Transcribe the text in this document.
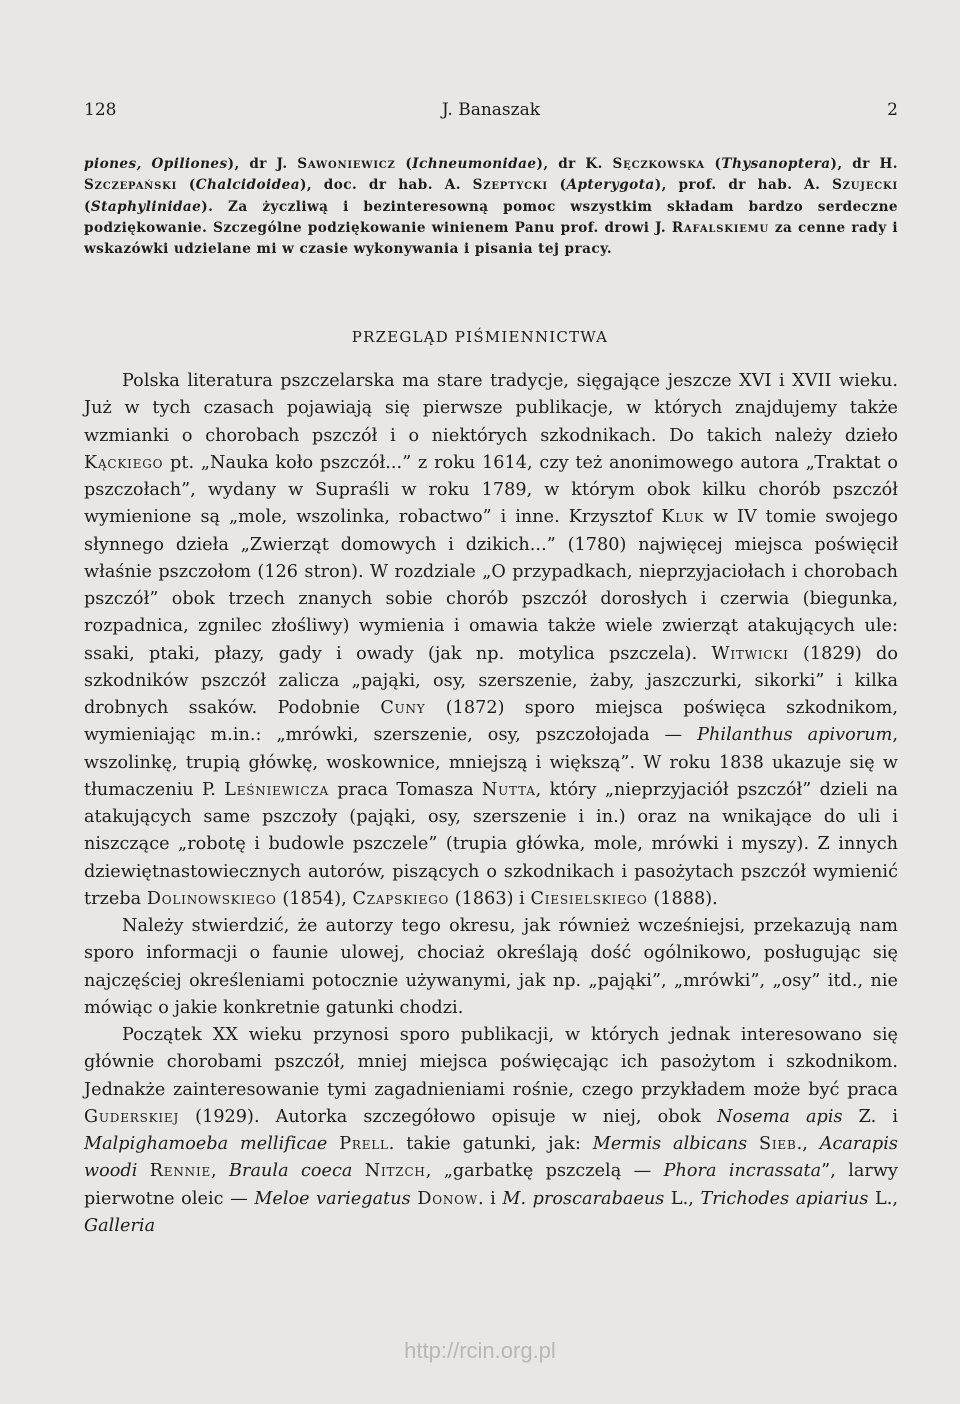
128	J. Banaszak	2

piones, Opiliones), dr J. Sawoniewicz (Ichneumonidae), dr K. Sęczkowska (Thysanoptera), dr H. Szczepański (Chalcidoidea), doc. dr hab. A. Szeptycki (Apterygota), prof. dr hab. A. Szujecki (Staphylinidae). Za życzliwą i bezinteresowną pomoc wszystkim składam bardzo serdeczne podziękowanie. Szczególne podziękowanie winienem Panu prof. drowi J. Rafalskiemu za cenne rady i wskazówki udzielane mi w czasie wykonywania i pisania tej pracy.

PRZEGLĄD PIŚMIENNICTWA

Polska literatura pszczelarska ma stare tradycje, sięgające jeszcze XVI i XVII wieku. Już w tych czasach pojawiają się pierwsze publikacje, w których znajdujemy także wzmianki o chorobach pszczół i o niektórych szkodnikach. Do takich należy dzieło Kąckiego pt. „Nauka koło pszczół...” z roku 1614, czy też anonimowego autora „Traktat o pszczołach”, wydany w Supraśli w roku 1789, w którym obok kilku chorób pszczół wymienione są „mole, wszolinka, robactwo” i inne. Krzysztof Kluk w IV tomie swojego słynnego dzieła „Zwierząt domowych i dzikich...” (1780) najwięcej miejsca poświęcił właśnie pszczołom (126 stron). W rozdziale „O przypadkach, nieprzyjaciołach i chorobach pszczół” obok trzech znanych sobie chorób pszczół dorosłych i czerwia (biegunka, rozpadnica, zgnilec złośliwy) wymienia i omawia także wiele zwierząt atakujących ule: ssaki, ptaki, płazy, gady i owady (jak np. motylica pszczela). Witwicki (1829) do szkodników pszczół zalicza „pająki, osy, szerszenie, żaby, jaszczurki, sikorki” i kilka drobnych ssaków. Podobnie Cuny (1872) sporo miejsca poświęca szkodnikom, wymieniając m.in.: „mrówki, szerszenie, osy, pszczołojada — Philanthus apivorum, wszolinkę, trupią główkę, woskownice, mniejszą i większą”. W roku 1838 ukazuje się w tłumaczeniu P. Leśniewicza praca Tomasza Nutta, który „nieprzyjaciół pszczół” dzieli na atakujących same pszczoły (pająki, osy, szerszenie i in.) oraz na wnikające do uli i niszczące „robotę i budowle pszczele” (trupia główka, mole, mrówki i myszy). Z innych dziewiętnastowiecznych autorów, piszących o szkodnikach i pasożytach pszczół wymienić trzeba Dolinowskiego (1854), Czapskiego (1863) i Ciesielskiego (1888).

Należy stwierdzić, że autorzy tego okresu, jak również wcześniejsi, przekazują nam sporo informacji o faunie ulowej, chociaż określają dość ogólnikowo, posługując się najczęściej określeniami potocznie używanymi, jak np. „pająki”, „mrówki”, „osy” itd., nie mówiąc o jakie konkretnie gatunki chodzi.

Początek XX wieku przynosi sporo publikacji, w których jednak interesowano się głównie chorobami pszczół, mniej miejsca poświęcając ich pasożytom i szkodnikom. Jednakże zainteresowanie tymi zagadnieniami rośnie, czego przykładem może być praca Guderskiej (1929). Autorka szczegółowo opisuje w niej, obok Nosema apis Z. i Malpighamoeba mellificae Prell. takie gatunki, jak: Mermis albicans Sieb., Acarapis woodi Rennie, Braula coeca Nitzch, „garbatkę pszczelą — Phora incrassata”, larwy pierwotne oleic — Meloe variegatus Donow. i M. proscarabaeus L., Trichodes apiarius L., Galleria

http://rcin.org.pl
